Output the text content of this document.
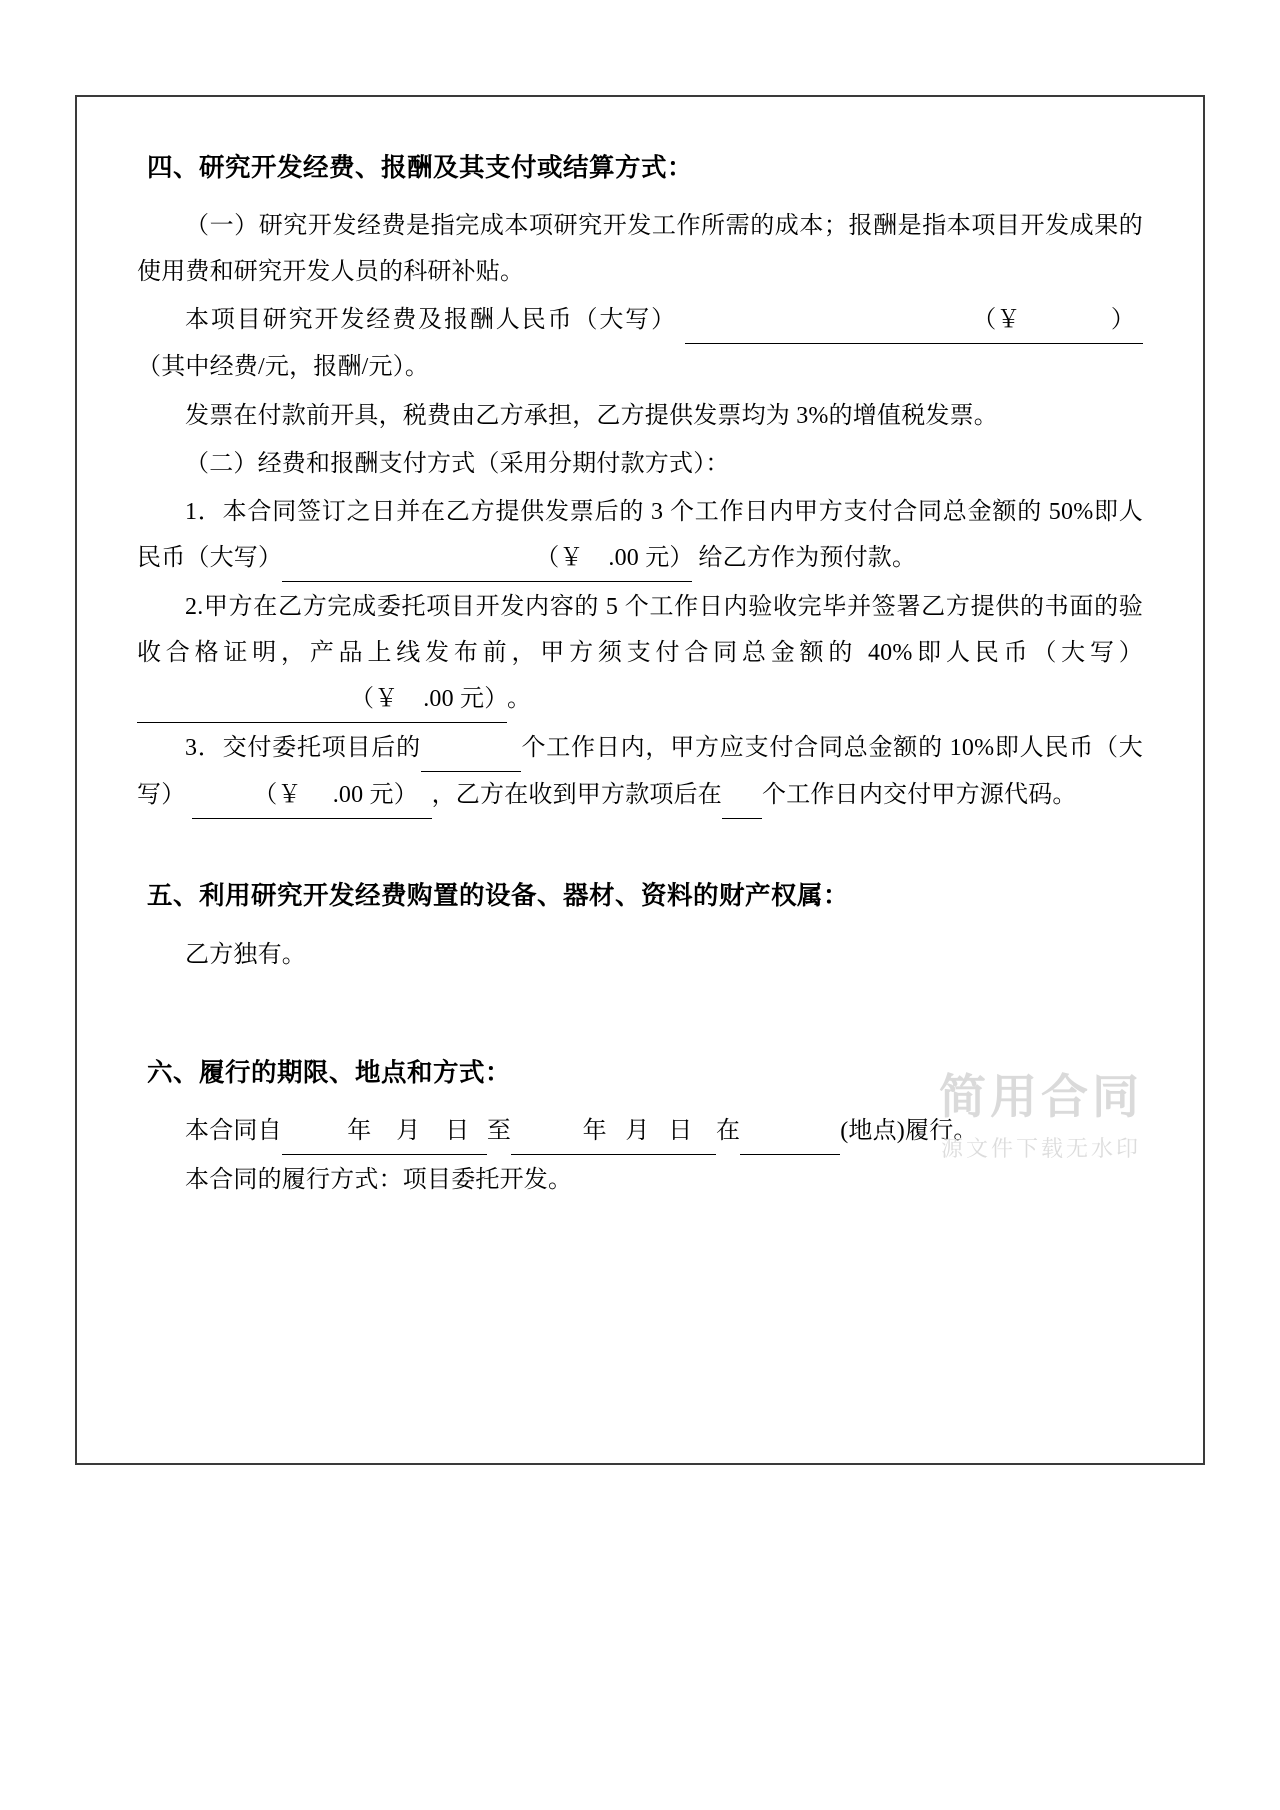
四、研究开发经费、报酬及其支付或结算方式：
（一）研究开发经费是指完成本项研究开发工作所需的成本；报酬是指本项目开发成果的使用费和研究开发人员的科研补贴。
本项目研究开发经费及报酬人民币（大写）	（￥	） （其中经费/元，报酬/元）。
发票在付款前开具，税费由乙方承担，乙方提供发票均为 3%的增值税发票。
（二）经费和报酬支付方式（采用分期付款方式）：
1．本合同签订之日并在乙方提供发票后的 3 个工作日内甲方支付合同总金额的 50%即人民币（大写）	（￥    .00 元） 给乙方作为预付款。
2.甲方在乙方完成委托项目开发内容的 5 个工作日内验收完毕并签署乙方提供的书面的验收合格证明，产品上线发布前，甲方须支付合同总金额的 40%即人民币（大写） （￥    .00 元）。
3．交付委托项目后的	个工作日内，甲方应支付合同总金额的 10%即人民币（大写）	（￥     .00 元） ，乙方在收到甲方款项后在 个工作日内交付甲方源代码。
五、利用研究开发经费购置的设备、器材、资料的财产权属：
乙方独有。
六、履行的期限、地点和方式：
本合同自	年    月    日 至	年   月   日 在	(地点)履行。
本合同的履行方式：项目委托开发。
简用合同
源文件下载无水印
